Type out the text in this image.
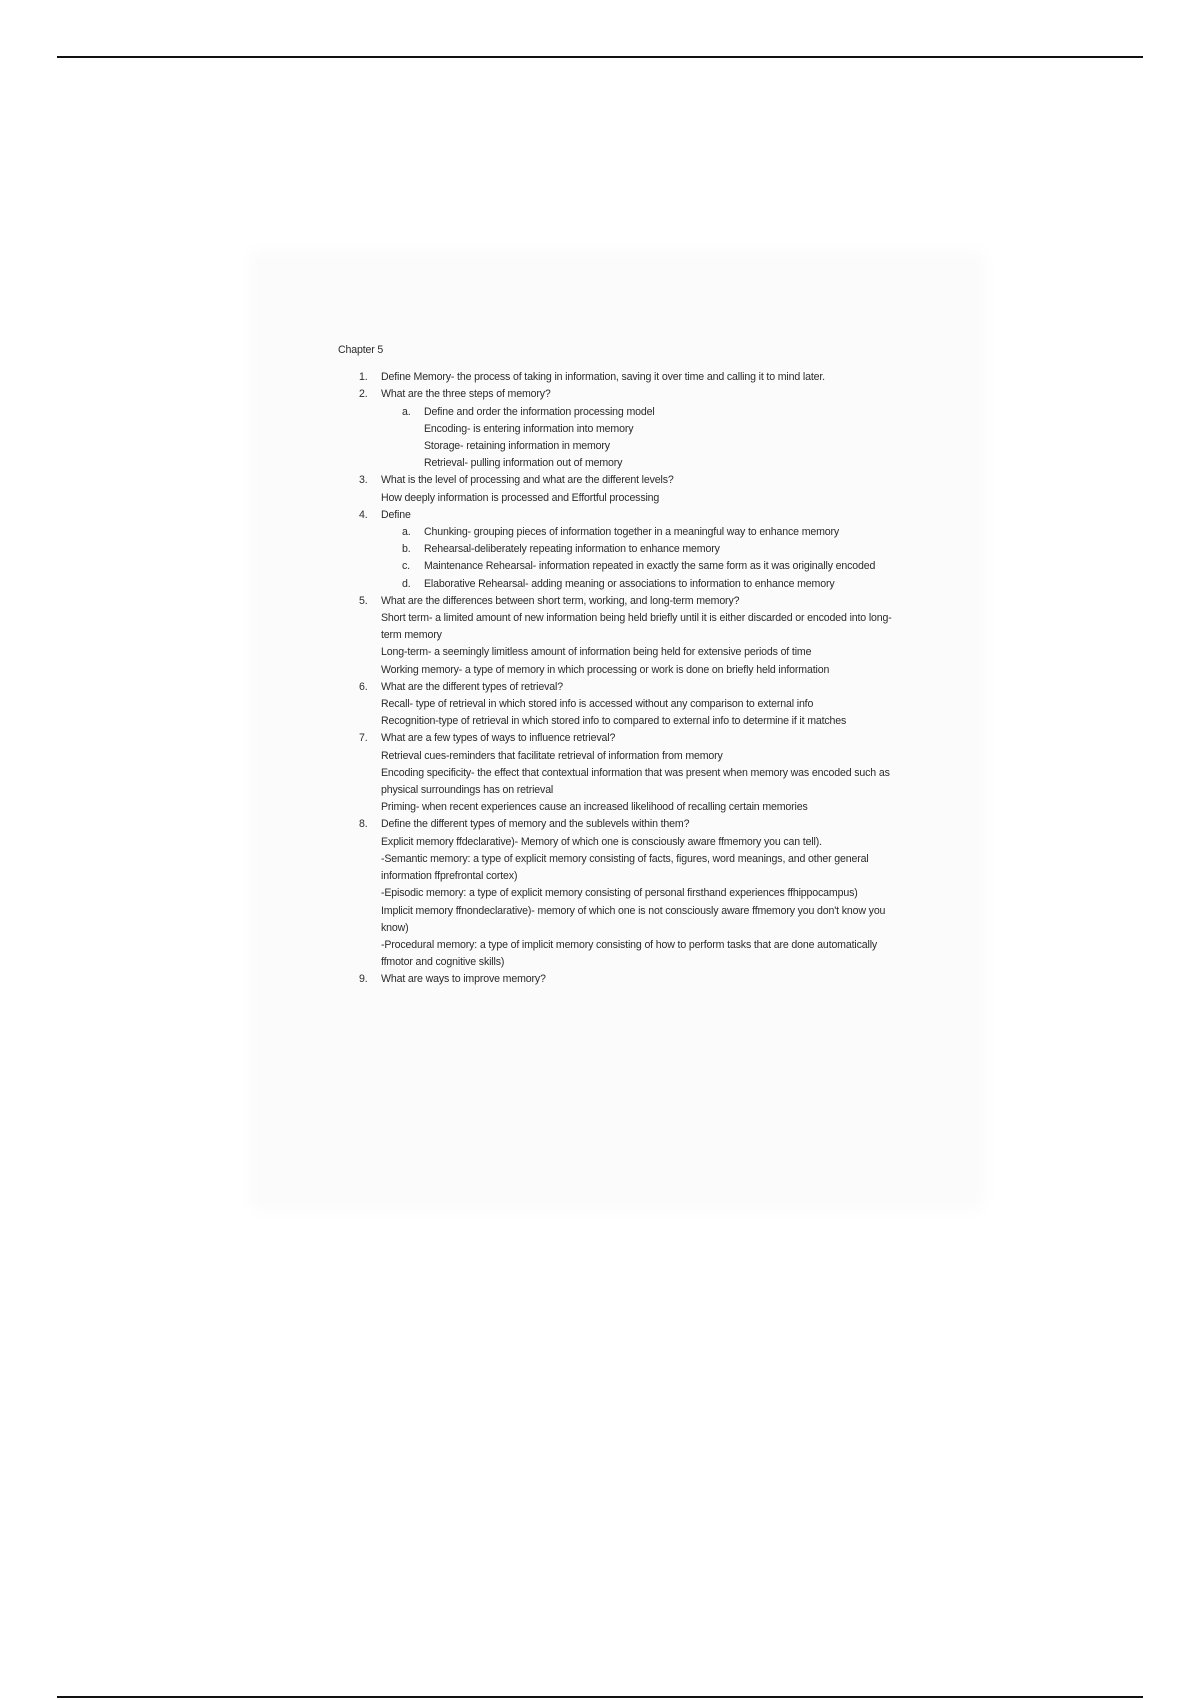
Chapter 5
1. Define Memory- the process of taking in information, saving it over time and calling it to mind later.
2. What are the three steps of memory?
a. Define and order the information processing model
Encoding- is entering information into memory
Storage- retaining information in memory
Retrieval- pulling information out of memory
3. What is the level of processing and what are the different levels?
How deeply information is processed and Effortful processing
4. Define
a. Chunking- grouping pieces of information together in a meaningful way to enhance memory
b. Rehearsal-deliberately repeating information to enhance memory
c. Maintenance Rehearsal- information repeated in exactly the same form as it was originally encoded
d. Elaborative Rehearsal- adding meaning or associations to information to enhance memory
5. What are the differences between short term, working, and long-term memory?
Short term- a limited amount of new information being held briefly until it is either discarded or encoded into long-term memory
Long-term- a seemingly limitless amount of information being held for extensive periods of time
Working memory- a type of memory in which processing or work is done on briefly held information
6. What are the different types of retrieval?
Recall- type of retrieval in which stored info is accessed without any comparison to external info
Recognition-type of retrieval in which stored info to compared to external info to determine if it matches
7. What are a few types of ways to influence retrieval?
Retrieval cues-reminders that facilitate retrieval of information from memory
Encoding specificity- the effect that contextual information that was present when memory was encoded such as physical surroundings has on retrieval
Priming- when recent experiences cause an increased likelihood of recalling certain memories
8. Define the different types of memory and the sublevels within them?
Explicit memory ffdeclarative)- Memory of which one is consciously aware ffmemory you can tell).
-Semantic memory: a type of explicit memory consisting of facts, figures, word meanings, and other general information ffprefrontal cortex)
-Episodic memory: a type of explicit memory consisting of personal firsthand experiences ffhippocampus)
Implicit memory ffnondeclarative)- memory of which one is not consciously aware ffmemory you don't know you know)
-Procedural memory: a type of implicit memory consisting of how to perform tasks that are done automatically ffmotor and cognitive skills)
9. What are ways to improve memory?
